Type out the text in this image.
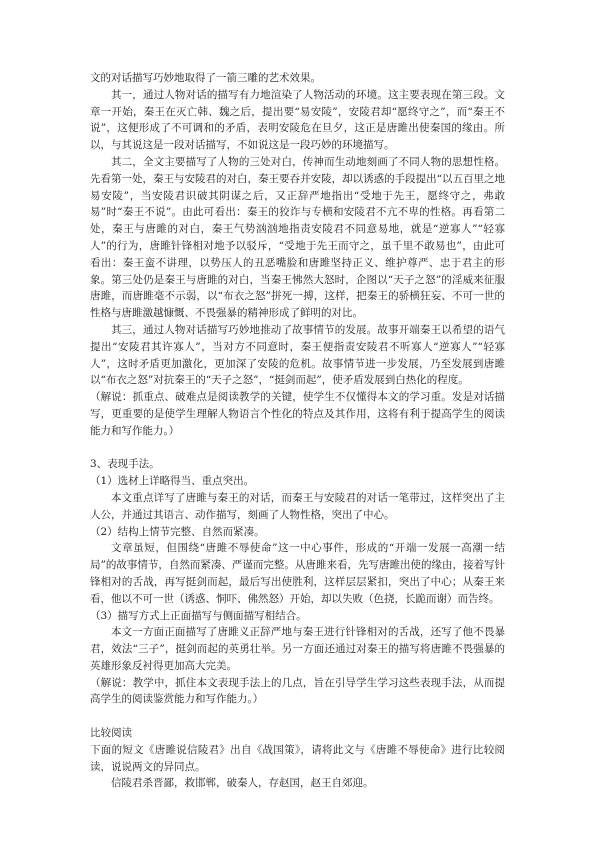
文的对话描写巧妙地取得了一箭三雕的艺术效果。

其一，通过人物对话的描写有力地渲染了人物活动的环境。这主要表现在第三段。文章一开始，秦王在灭亡韩、魏之后，提出要“易安陵”，安陵君却“愿终守之”，而“秦王不说”，这便形成了不可调和的矛盾，表明安陵危在旦夕，这正是唐雎出使秦国的缘由。所以，与其说这是一段对话描写，不如说这是一段巧妙的环境描写。

其二，全文主要描写了人物的三处对白，传神而生动地刻画了不同人物的思想性格。先看第一处，秦王与安陵君的对白，秦王要吞并安陵，却以诱惑的手段提出“以五百里之地易安陵”，当安陵君识破其阴谋之后，又正辞严地指出“受地于先王，愿终守之，弗敢易”时“秦王不说”。由此可看出：秦王的狡诈与专横和安陵君不亢不卑的性格。再看第二处，秦王与唐雎的对白，秦王气势汹汹地指责安陵君不同意易地，就是“逆寡人”“轻寡人”的行为，唐雎针锋相对地予以驳斥，“受地于先王而守之，虽千里不敢易也”，由此可看出：秦王蛮不讲理，以势压人的丑恶嘴脸和唐雎坚持正义、维护尊严、忠于君主的形象。第三处仍是秦王与唐雎的对白，当秦王怫然大怒时，企图以“天子之怒”的淫威来征服唐雎，而唐雎毫不示弱，以“布衣之怒”拼死一搏，这样，把秦王的骄横狂妄、不可一世的性格与唐雎激越慷慨、不畏强暴的精神形成了鲜明的对比。

其三，通过人物对话描写巧妙地推动了故事情节的发展。故事开端秦王以希望的语气提出“安陵君其许寡人”，当对方不同意时，秦王便指责安陵君不听寡人“逆寡人”“轻寡人”，这时矛盾更加激化，更加深了安陵的危机。故事情节进一步发展，乃至发展到唐雎以“布衣之怒”对抗秦王的“天子之怒”，“挺剑而起”，使矛盾发展到白热化的程度。

（解说：抓重点、破难点是阅读教学的关键，使学生不仅懂得本文的学习重。发是对话描写，更重要的是使学生理解人物语言个性化的特点及其作用，这将有利于提高学生的阅读能力和写作能力。）

3、表现手法。

（1）选材上详略得当、重点突出。

本文重点详写了唐雎与秦王的对话，而秦王与安陵君的对话一笔带过，这样突出了主人公，并通过其语言、动作描写，刻画了人物性格，突出了中心。

（2）结构上情节完整、自然而紧凑。

文章虽短，但围绕“唐雎不辱使命”这一中心事件，形成的“开端一发展一高潮一结局”的故事情节，自然而紧凑、严谨而完整。从唐雎来看，先写唐雎出使的缘由，接着写针锋相对的舌战，再写挺剑而起，最后写出使胜利，这样层层紧扣，突出了中心；从秦王来看，他以不可一世（诱惑、恫吓、佛然怒）开始，却以失败（色挠，长跪而谢）而告终。

（3）描写方式上正面描写与侧面描写相结合。

本文一方面正面描写了唐雎义正辞严地与秦王进行针锋相对的舌战，还写了他不畏暴君，效法“三子”，挺剑而起的英勇壮举。另一方面还通过对秦王的描写将唐雎不畏强暴的英雄形象反衬得更加高大完美。

（解说：教学中，抓住本文表现手法上的几点，旨在引导学生学习这些表现手法，从而提高学生的阅读鉴赏能力和写作能力。）

比较阅读

下面的短文《唐雎说信陵君》出自《战国策》，请将此文与《唐雎不辱使命》进行比较阅读，说说两文的异同点。

信陵君杀晋鄙，救邯郸，破秦人，存赵国，赵王自郊迎。
